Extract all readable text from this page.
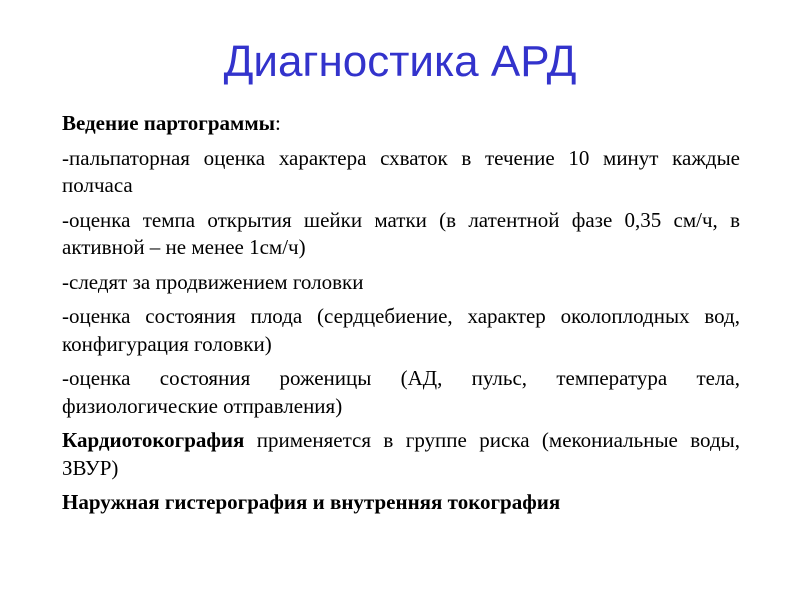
Диагностика АРД

Ведение партограммы:

-пальпаторная оценка характера схваток в течение 10 минут каждые полчаса

-оценка темпа открытия шейки матки (в латентной фазе 0,35 см/ч, в активной – не менее 1см/ч)

-следят за продвижением головки

-оценка состояния плода (сердцебиение, характер околоплодных вод, конфигурация головки)

-оценка состояния роженицы (АД, пульс, температура тела, физиологические отправления)

Кардиотокография применяется в группе риска (мекониальные воды, ЗВУР)

Наружная гистерография и внутренняя токография
